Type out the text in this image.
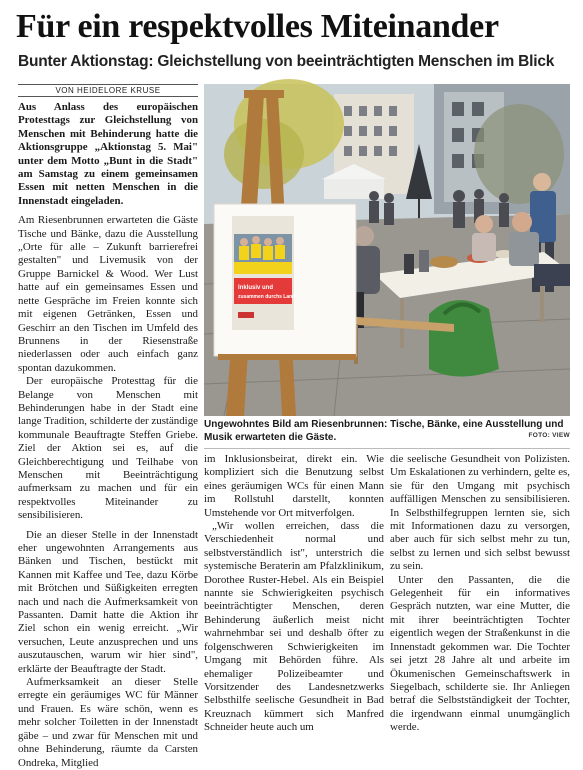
Für ein respektvolles Miteinander
Bunter Aktionstag: Gleichstellung von beeinträchtigten Menschen im Blick
VON HEIDELORE KRUSE

Aus Anlass des europäischen Protesttags zur Gleichstellung von Menschen mit Behinderung hatte die Aktionsgruppe „Aktionstag 5. Mai" unter dem Motto „Bunt in die Stadt" am Samstag zu einem gemeinsamen Essen mit netten Menschen in die Innenstadt eingeladen.

Am Riesenbrunnen erwarteten die Gäste Tische und Bänke, dazu die Ausstellung „Orte für alle – Zukunft barrierefrei gestalten" und Livemusik von der Gruppe Barnickel & Wood. Wer Lust hatte auf ein gemeinsames Essen und nette Gespräche im Freien konnte sich mit eigenen Getränken, Essen und Geschirr an den Tischen im Umfeld des Brunnens in der Riesenstraße niederlassen oder auch einfach ganz spontan dazukommen.

Der europäische Protesttag für die Belange von Menschen mit Behinderungen habe in der Stadt eine lange Tradition, schilderte der zuständige kommunale Beauftragte Steffen Griebe. Ziel der Aktion sei es, auf die Gleichberechtigung und Teilhabe von Menschen mit Beeinträchtigung aufmerksam zu machen und für ein respektvolles Miteinander zu sensibilisieren.

Die an dieser Stelle in der Innenstadt eher ungewohnten Arrangements aus Bänken und Tischen, bestückt mit Kannen mit Kaffee und Tee, dazu Körbe mit Brötchen und Süßigkeiten erregten nach und nach die Aufmerksamkeit von Passanten. Damit hatte die Aktion ihr Ziel schon ein wenig erreicht. „Wir versuchen, Leute anzusprechen und uns auszutauschen, warum wir hier sind", erklärte der Beauftragte der Stadt.

Aufmerksamkeit an dieser Stelle erregte ein geräumiges WC für Männer und Frauen. Es wäre schön, wenn es mehr solcher Toiletten in der Innenstadt gäbe – und zwar für Menschen mit und ohne Behinderung, räumte da Carsten Ondreka, Mitglied

Inklusiv und
zusammen durchs Land!
Ungewohntes Bild am Riesenbrunnen: Tische, Bänke, eine Ausstellung und Musik erwarteten die Gäste.	FOTO: VIEW

im Inklusionsbeirat, direkt ein. Wie kompliziert sich die Benutzung selbst eines geräumigen WCs für einen Mann im Rollstuhl darstellt, konnten Umstehende vor Ort mitverfolgen.

„Wir wollen erreichen, dass die Verschiedenheit normal und selbstverständlich ist", unterstrich die systemische Beraterin am Pfalzklinikum, Dorothee Ruster-Hebel. Als ein Beispiel nannte sie Schwierigkeiten psychisch beeinträchtigter Menschen, deren Behinderung äußerlich meist nicht wahrnehmbar sei und deshalb öfter zu folgenschweren Schwierigkeiten im Umgang mit Behörden führe. Als ehemaliger Polizeibeamter und Vorsitzender des Landesnetzwerks Selbsthilfe seelische Gesundheit in Bad Kreuznach kümmert sich Manfred Schneider heute auch um

die seelische Gesundheit von Polizisten. Um Eskalationen zu verhindern, gelte es, sie für den Umgang mit psychisch auffälligen Menschen zu sensibilisieren. In Selbsthilfegruppen lernten sie, sich mit Informationen dazu zu versorgen, aber auch für sich selbst mehr zu tun, selbst zu lernen und sich selbst bewusst zu sein.

Unter den Passanten, die die Gelegenheit für ein informatives Gespräch nutzten, war eine Mutter, die mit ihrer beeinträchtigten Tochter eigentlich wegen der Straßenkunst in die Innenstadt gekommen war. Die Tochter sei jetzt 28 Jahre alt und arbeite im Ökumenischen Gemeinschaftswerk in Siegelbach, schilderte sie. Ihr Anliegen betraf die Selbstständigkeit der Tochter, die irgendwann einmal unumgänglich werde.
